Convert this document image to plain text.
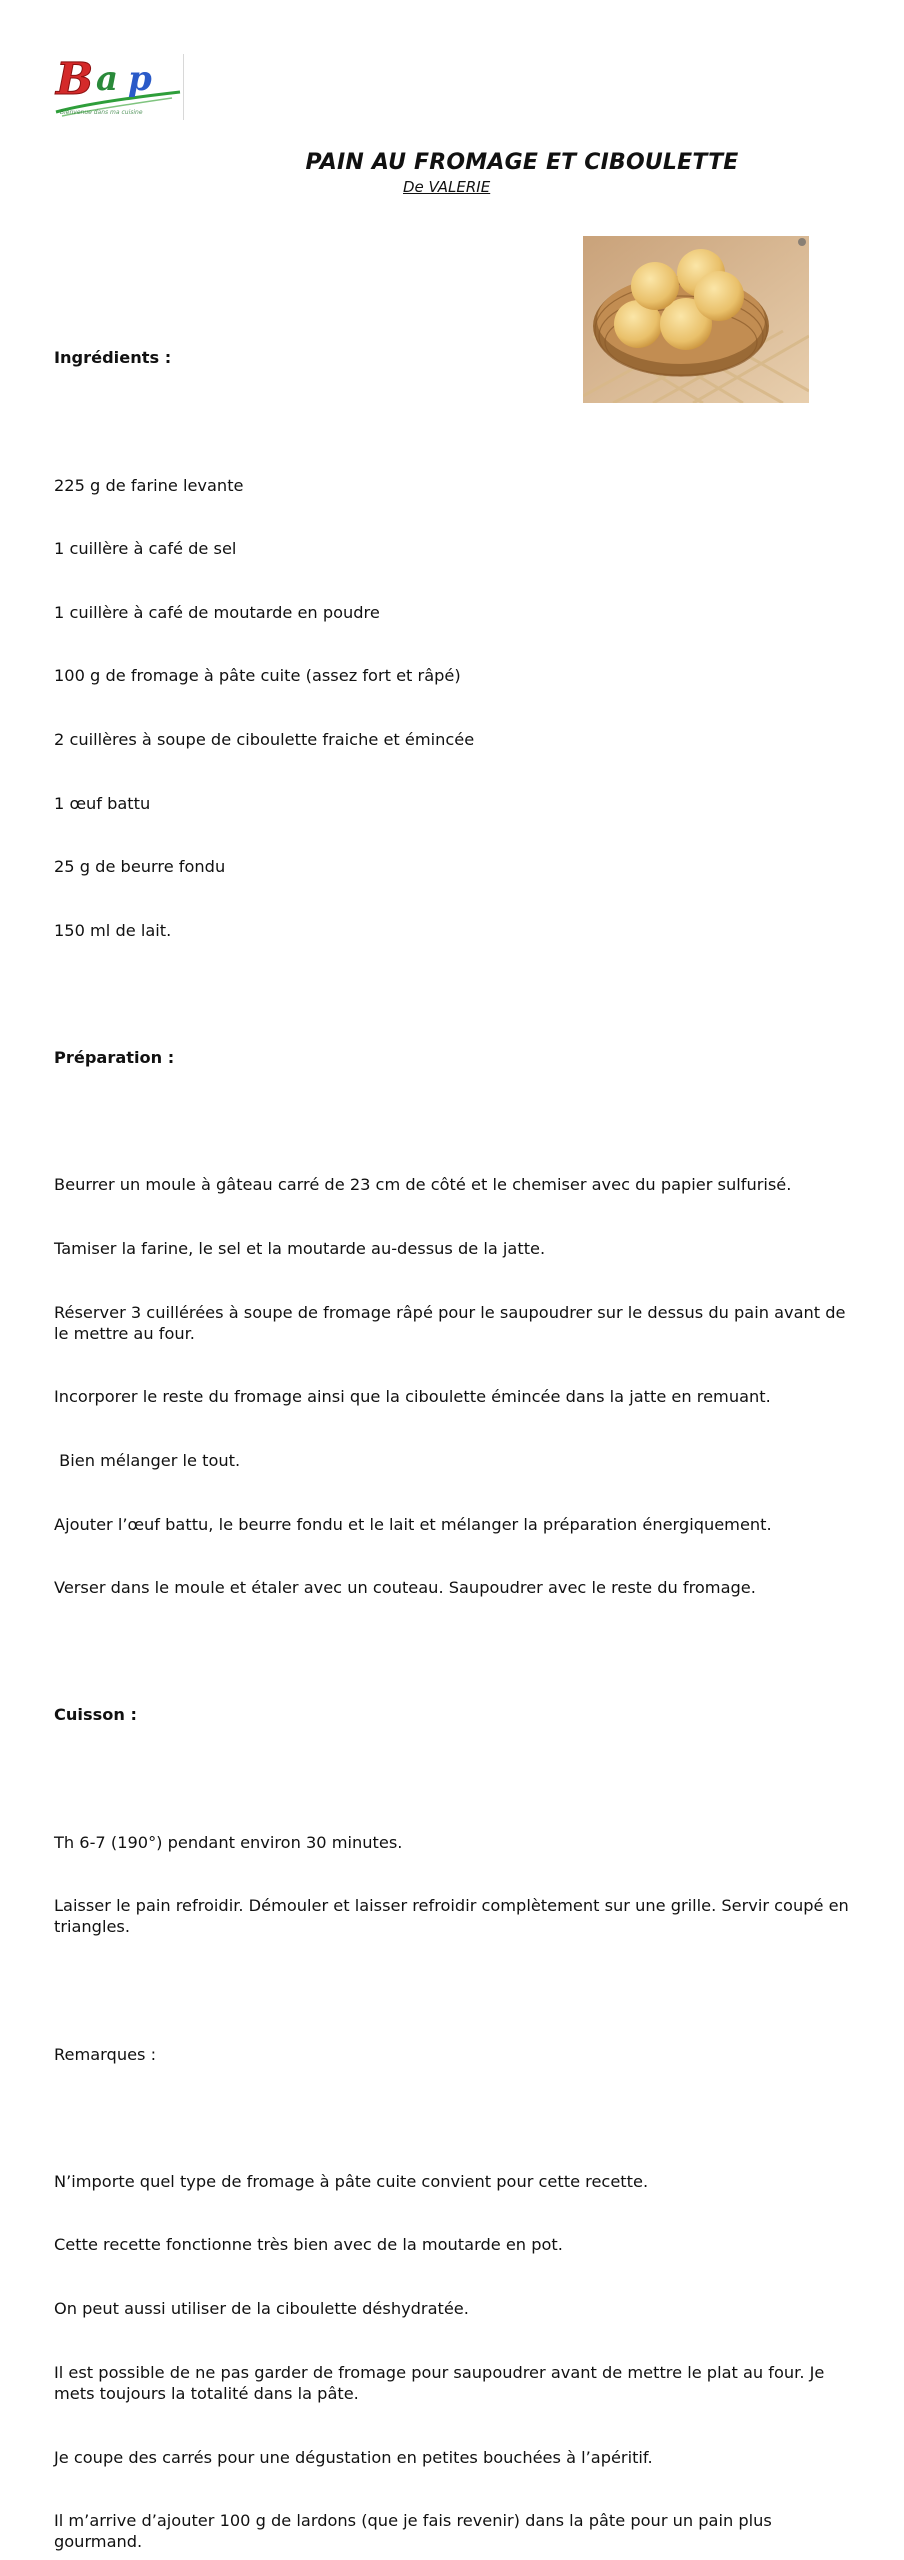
B a p
Bienvenue dans ma cuisine
PAIN AU FROMAGE ET CIBOULETTE
De VALERIE

Ingrédients :

225 g de farine levante

1 cuillère à café de sel

1 cuillère à café de moutarde en poudre

100 g de fromage à pâte cuite (assez fort et râpé)

2 cuillères à soupe de ciboulette fraiche et émincée

1 œuf battu

25 g de beurre fondu

150 ml de lait.

Préparation :

Beurrer un moule à gâteau carré de 23 cm de côté et le chemiser avec du papier sulfurisé.

Tamiser la farine, le sel et la moutarde au-dessus de la jatte.

Réserver 3 cuillérées à soupe de fromage râpé pour le saupoudrer sur le dessus du pain avant de le mettre au four.

Incorporer le reste du fromage ainsi que la ciboulette émincée dans la jatte en remuant.

Bien mélanger le tout.

Ajouter l’œuf battu, le beurre fondu et le lait et mélanger la préparation énergiquement.

Verser dans le moule et étaler avec un couteau. Saupoudrer avec le reste du fromage.

Cuisson :

Th 6-7 (190°) pendant environ 30 minutes.

Laisser le pain refroidir. Démouler et laisser refroidir complètement sur une grille. Servir coupé en triangles.

Remarques :

N’importe quel type de fromage à pâte cuite convient pour cette recette.

Cette recette fonctionne très bien avec de la moutarde en pot.

On peut aussi utiliser de la ciboulette déshydratée.

Il est possible de ne pas garder de fromage pour saupoudrer avant de mettre le plat au four. Je mets toujours la totalité dans la pâte.

Je coupe des carrés pour une dégustation en petites bouchées à l’apéritif.

Il m’arrive d’ajouter 100 g de lardons (que je fais revenir) dans la pâte pour un pain plus gourmand.
